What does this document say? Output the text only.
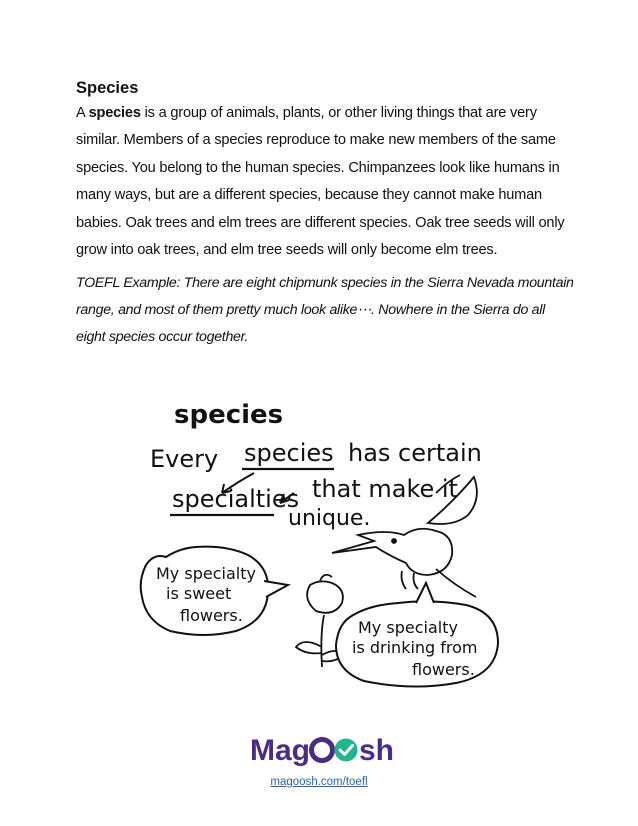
Species
A species is a group of animals, plants, or other living things that are very similar. Members of a species reproduce to make new members of the same species. You belong to the human species. Chimpanzees look like humans in many ways, but are a different species, because they cannot make human babies. Oak trees and elm trees are different species. Oak tree seeds will only grow into oak trees, and elm tree seeds will only become elm trees.
TOEFL Example: There are eight chipmunk species in the Sierra Nevada mountain range, and most of them pretty much look alike⋯. Nowhere in the Sierra do all eight species occur together.
species
Every species has certain
specialties that make it
unique.
My specialty
is sweet
flowers.
My specialty
is drinking from
flowers.
Mag sh
magoosh.com/toefl
